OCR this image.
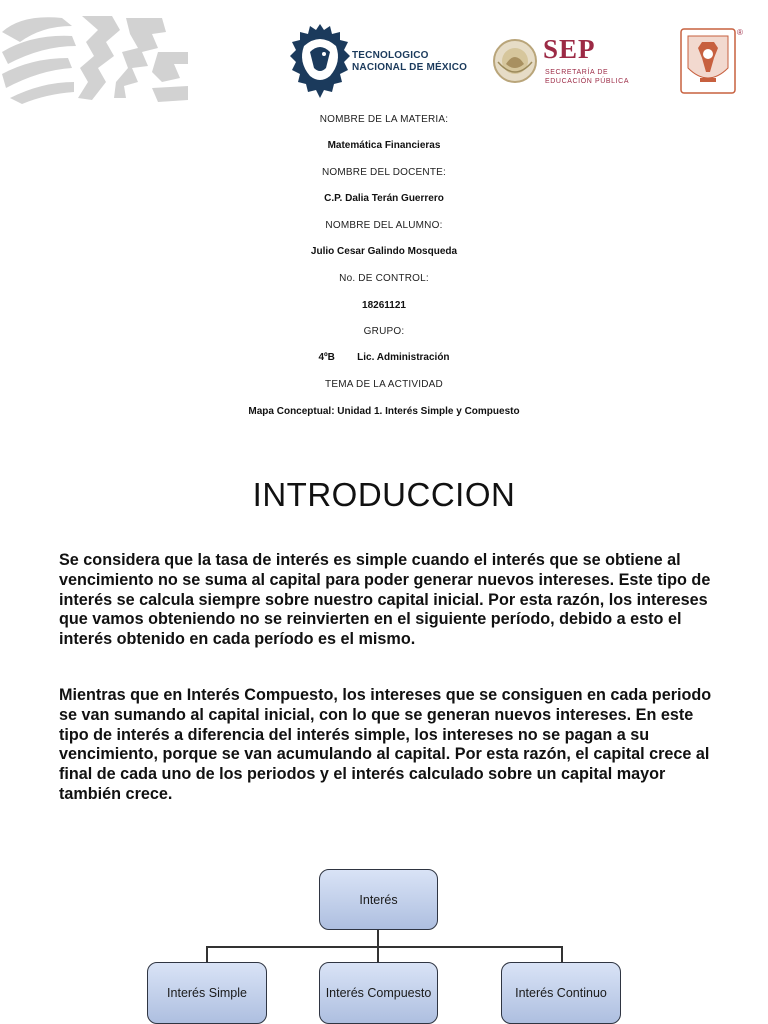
TECNOLOGICO
NACIONAL DE MÉXICO
SEP
SECRETARÍA DE
EDUCACIÓN PÚBLICA
®
NOMBRE DE LA MATERIA:
Matemática Financieras
NOMBRE DEL DOCENTE:
C.P. Dalia Terán Guerrero
NOMBRE DEL ALUMNO:
Julio Cesar Galindo Mosqueda
No. DE CONTROL:
18261121
GRUPO:
4ºB        Lic. Administración
TEMA DE LA ACTIVIDAD
Mapa Conceptual: Unidad 1. Interés Simple y Compuesto
INTRODUCCION
Se considera que la tasa de interés es simple cuando el interés que se obtiene al vencimiento no se suma al capital para poder generar nuevos intereses. Este tipo de interés se calcula siempre sobre nuestro capital inicial. Por esta razón, los intereses que vamos obteniendo no se reinvierten en el siguiente período, debido a esto el interés obtenido en cada período es el mismo.
Mientras que en Interés Compuesto, los intereses que se consiguen en cada periodo se van sumando al capital inicial, con lo que se generan nuevos intereses. En este tipo de interés a diferencia del interés simple, los intereses no se pagan a su vencimiento, porque se van acumulando al capital. Por esta razón, el capital crece al final de cada uno de los periodos y el interés calculado sobre un capital mayor también crece.
Interés
Interés Simple	Interés Compuesto	Interés Continuo
